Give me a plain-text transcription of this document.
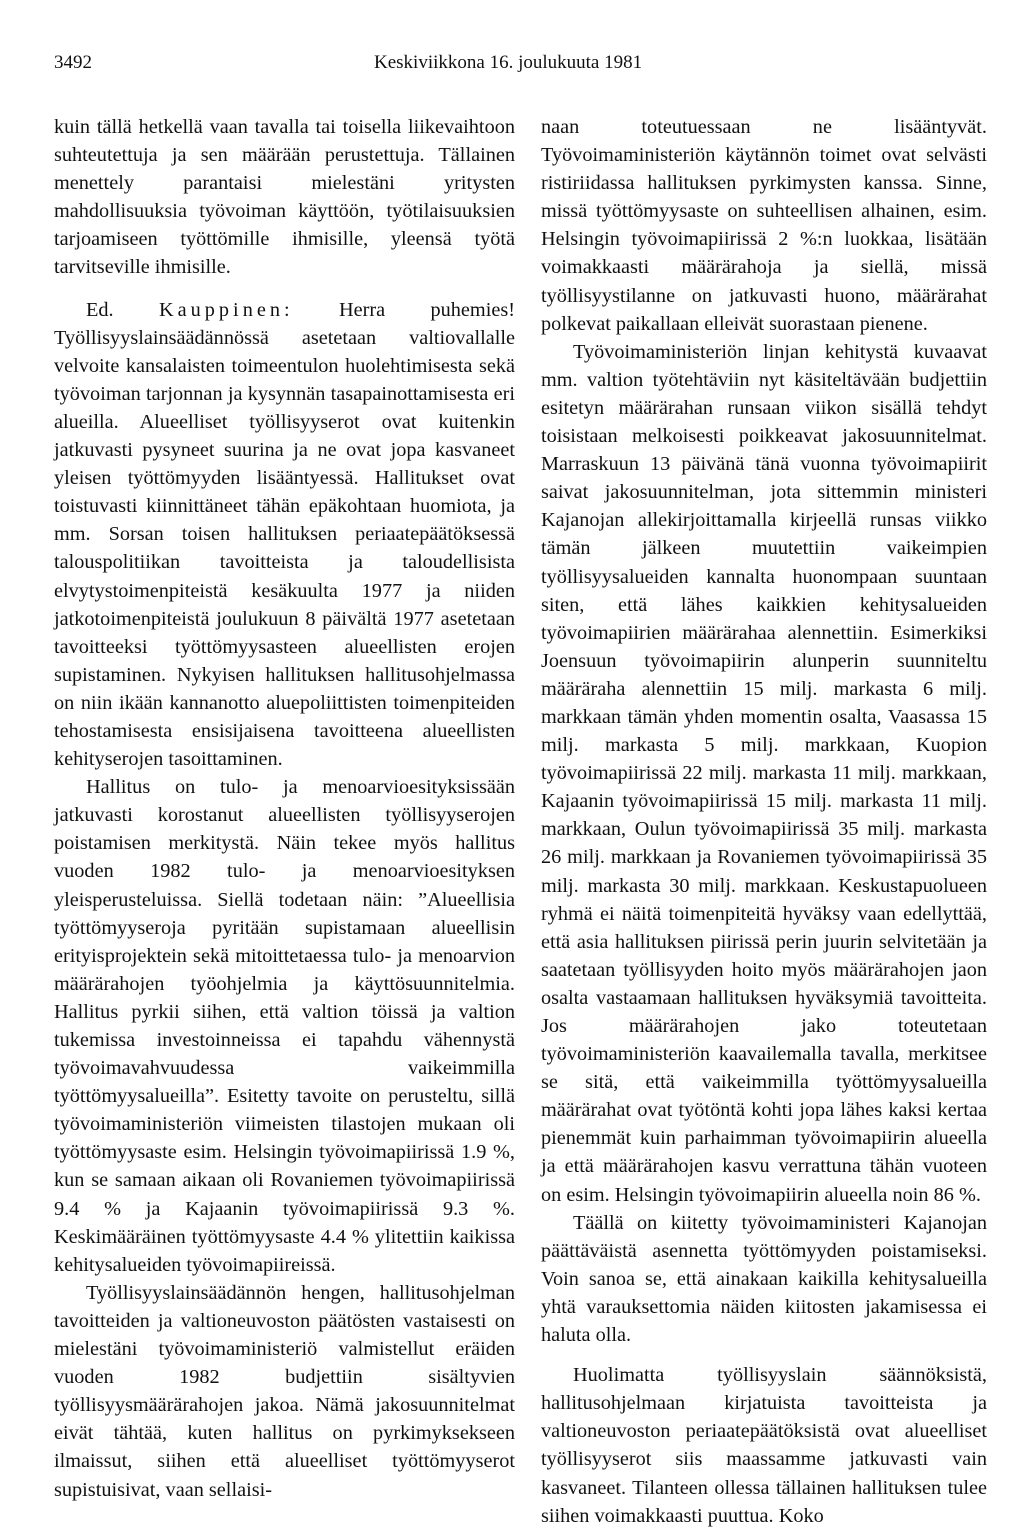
3492	Keskiviikkona 16. joulukuuta 1981

kuin tällä hetkellä vaan tavalla tai toisella liikevaihtoon suhteutettuja ja sen määrään perustettuja. Tällainen menettely parantaisi mielestäni yritysten mahdollisuuksia työvoiman käyttöön, työtilaisuuksien tarjoamiseen työttömille ihmisille, yleensä työtä tarvitseville ihmisille.

Ed. Kauppinen: Herra puhemies! Työllisyyslainsäädännössä asetetaan valtiovallalle velvoite kansalaisten toimeentulon huolehtimisesta sekä työvoiman tarjonnan ja kysynnän tasapainottamisesta eri alueilla. Alueelliset työllisyyserot ovat kuitenkin jatkuvasti pysyneet suurina ja ne ovat jopa kasvaneet yleisen työttömyyden lisääntyessä. Hallitukset ovat toistuvasti kiinnittäneet tähän epäkohtaan huomiota, ja mm. Sorsan toisen hallituksen periaatepäätöksessä talouspolitiikan tavoitteista ja taloudellisista elvytystoimenpiteistä kesäkuulta 1977 ja niiden jatkotoimenpiteistä joulukuun 8 päivältä 1977 asetetaan tavoitteeksi työttömyysasteen alueellisten erojen supistaminen. Nykyisen hallituksen hallitusohjelmassa on niin ikään kannanotto aluepoliittisten toimenpiteiden tehostamisesta ensisijaisena tavoitteena alueellisten kehityserojen tasoittaminen.

Hallitus on tulo- ja menoarvioesityksissään jatkuvasti korostanut alueellisten työllisyyserojen poistamisen merkitystä. Näin tekee myös hallitus vuoden 1982 tulo- ja menoarvioesityksen yleisperusteluissa. Siellä todetaan näin: ”Alueellisia työttömyyseroja pyritään supistamaan alueellisin erityisprojektein sekä mitoittetaessa tulo- ja menoarvion määrärahojen työohjelmia ja käyttösuunnitelmia. Hallitus pyrkii siihen, että valtion töissä ja valtion tukemissa investoinneissa ei tapahdu vähennystä työvoimavahvuudessa vaikeimmilla työttömyysalueilla”. Esitetty tavoite on perusteltu, sillä työvoimaministeriön viimeisten tilastojen mukaan oli työttömyysaste esim. Helsingin työvoimapiirissä 1.9 %, kun se samaan aikaan oli Rovaniemen työvoimapiirissä 9.4 % ja Kajaanin työvoimapiirissä 9.3 %. Keskimääräinen työttömyysaste 4.4 % ylitettiin kaikissa kehitysalueiden työvoimapiireissä.

Työllisyyslainsäädännön hengen, hallitusohjelman tavoitteiden ja valtioneuvoston päätösten vastaisesti on mielestäni työvoimaministeriö valmistellut eräiden vuoden 1982 budjettiin sisältyvien työllisyysmäärärahojen jakoa. Nämä jakosuunnitelmat eivät tähtää, kuten hallitus on pyrkimyksekseen ilmaissut, siihen että alueelliset työttömyyserot supistuisivat, vaan sellaisi-

naan toteutuessaan ne lisääntyvät. Työvoimaministeriön käytännön toimet ovat selvästi ristiriidassa hallituksen pyrkimysten kanssa. Sinne, missä työttömyysaste on suhteellisen alhainen, esim. Helsingin työvoimapiirissä 2 %:n luokkaa, lisätään voimakkaasti määrärahoja ja siellä, missä työllisyystilanne on jatkuvasti huono, määrärahat polkevat paikallaan elleivät suorastaan pienene.

Työvoimaministeriön linjan kehitystä kuvaavat mm. valtion työtehtäviin nyt käsiteltävään budjettiin esitetyn määrärahan runsaan viikon sisällä tehdyt toisistaan melkoisesti poikkeavat jakosuunnitelmat. Marraskuun 13 päivänä tänä vuonna työvoimapiirit saivat jakosuunnitelman, jota sittemmin ministeri Kajanojan allekirjoittamalla kirjeellä runsas viikko tämän jälkeen muutettiin vaikeimpien työllisyysalueiden kannalta huonompaan suuntaan siten, että lähes kaikkien kehitysalueiden työvoimapiirien määrärahaa alennettiin. Esimerkiksi Joensuun työvoimapiirin alunperin suunniteltu määräraha alennettiin 15 milj. markasta 6 milj. markkaan tämän yhden momentin osalta, Vaasassa 15 milj. markasta 5 milj. markkaan, Kuopion työvoimapiirissä 22 milj. markasta 11 milj. markkaan, Kajaanin työvoimapiirissä 15 milj. markasta 11 milj. markkaan, Oulun työvoimapiirissä 35 milj. markasta 26 milj. markkaan ja Rovaniemen työvoimapiirissä 35 milj. markasta 30 milj. markkaan. Keskustapuolueen ryhmä ei näitä toimenpiteitä hyväksy vaan edellyttää, että asia hallituksen piirissä perin juurin selvitetään ja saatetaan työllisyyden hoito myös määrärahojen jaon osalta vastaamaan hallituksen hyväksymiä tavoitteita. Jos määrärahojen jako toteutetaan työvoimaministeriön kaavailemalla tavalla, merkitsee se sitä, että vaikeimmilla työttömyysalueilla määrärahat ovat työtöntä kohti jopa lähes kaksi kertaa pienemmät kuin parhaimman työvoimapiirin alueella ja että määrärahojen kasvu verrattuna tähän vuoteen on esim. Helsingin työvoimapiirin alueella noin 86 %.

Täällä on kiitetty työvoimaministeri Kajanojan päättäväistä asennetta työttömyyden poistamiseksi. Voin sanoa se, että ainakaan kaikilla kehitysalueilla yhtä varauksettomia näiden kiitosten jakamisessa ei haluta olla.

Huolimatta työllisyyslain säännöksistä, hallitusohjelmaan kirjatuista tavoitteista ja valtioneuvoston periaatepäätöksistä ovat alueelliset työllisyyserot siis maassamme jatkuvasti vain kasvaneet. Tilanteen ollessa tällainen hallituksen tulee siihen voimakkaasti puuttua. Koko
